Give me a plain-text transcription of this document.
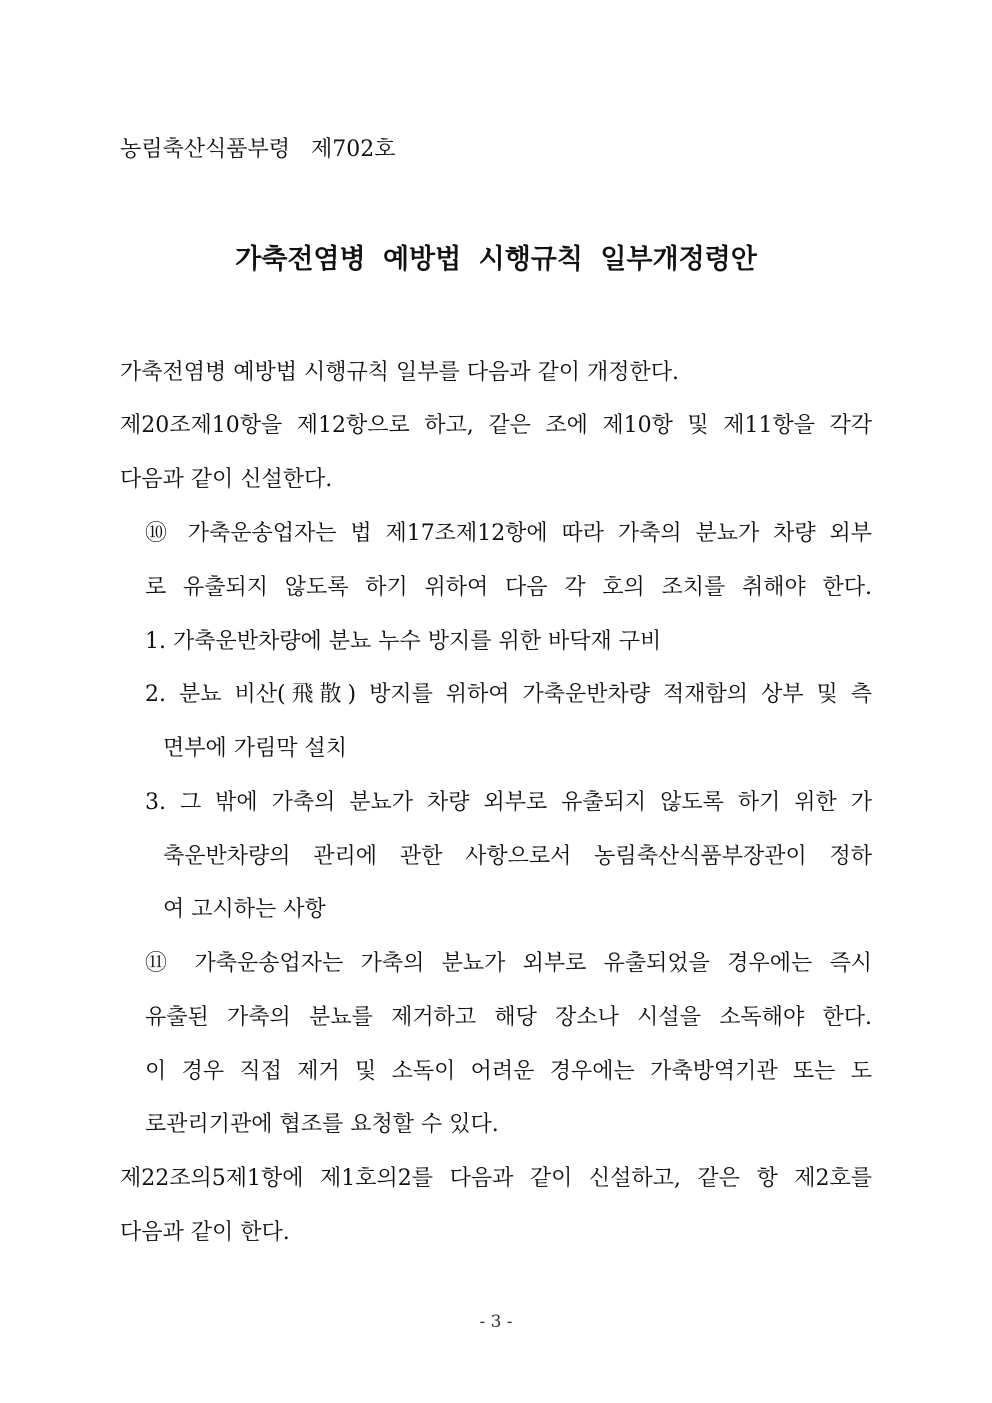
농림축산식품부령 제702호
가축전염병 예방법 시행규칙 일부개정령안
가축전염병 예방법 시행규칙 일부를 다음과 같이 개정한다.
제20조제10항을 제12항으로 하고, 같은 조에 제10항 및 제11항을 각각
다음과 같이 신설한다.
⑩ 가축운송업자는 법 제17조제12항에 따라 가축의 분뇨가 차량 외부
로 유출되지 않도록 하기 위하여 다음 각 호의 조치를 취해야 한다.
1. 가축운반차량에 분뇨 누수 방지를 위한 바닥재 구비
2. 분뇨 비산(飛散) 방지를 위하여 가축운반차량 적재함의 상부 및 측
면부에 가림막 설치
3. 그 밖에 가축의 분뇨가 차량 외부로 유출되지 않도록 하기 위한 가
축운반차량의 관리에 관한 사항으로서 농림축산식품부장관이 정하
여 고시하는 사항
⑪ 가축운송업자는 가축의 분뇨가 외부로 유출되었을 경우에는 즉시
유출된 가축의 분뇨를 제거하고 해당 장소나 시설을 소독해야 한다.
이 경우 직접 제거 및 소독이 어려운 경우에는 가축방역기관 또는 도
로관리기관에 협조를 요청할 수 있다.
제22조의5제1항에 제1호의2를 다음과 같이 신설하고, 같은 항 제2호를
다음과 같이 한다.
- 3 -
